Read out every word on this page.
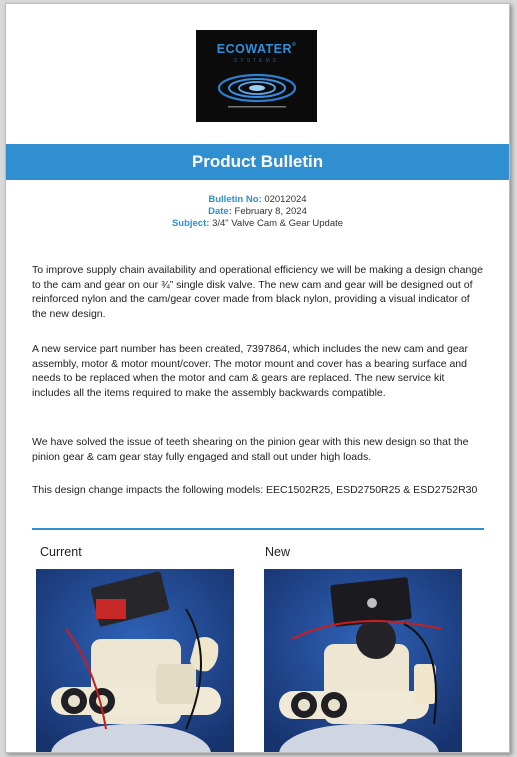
ECOWATER®
SYSTEMS
Product Bulletin
Bulletin No: 02012024
Date: February 8, 2024
Subject: 3/4" Valve Cam & Gear Update
To improve supply chain availability and operational efficiency we will be making a design change to the cam and gear on our ¾” single disk valve. The new cam and gear will be designed out of reinforced nylon and the cam/gear cover made from black nylon, providing a visual indicator of the new design.
A new service part number has been created, 7397864, which includes the new cam and gear assembly, motor & motor mount/cover. The motor mount and cover has a bearing surface and needs to be replaced when the motor and cam & gears are replaced. The new service kit includes all the items required to make the assembly backwards compatible.
We have solved the issue of teeth shearing on the pinion gear with this new design so that the pinion gear & cam gear stay fully engaged and stall out under high loads.
This design change impacts the following models: EEC1502R25, ESD2750R25 & ESD2752R30
Current	New
